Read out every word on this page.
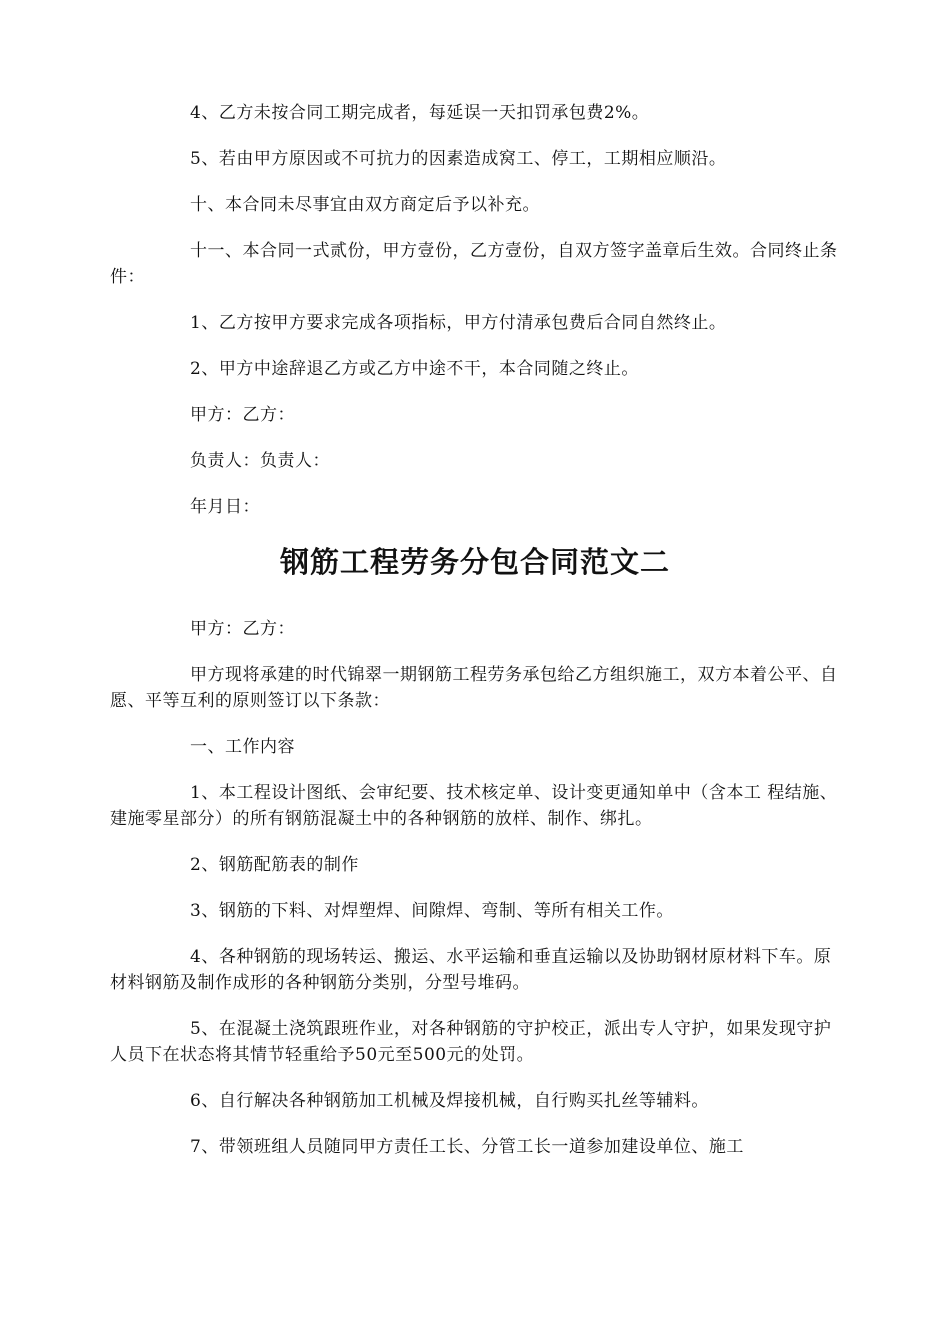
4、乙方未按合同工期完成者，每延误一天扣罚承包费2%。

5、若由甲方原因或不可抗力的因素造成窝工、停工，工期相应顺沿。

十、本合同未尽事宜由双方商定后予以补充。

十一、本合同一式贰份，甲方壹份，乙方壹份，自双方签字盖章后生效。合同终止条件：

1、乙方按甲方要求完成各项指标，甲方付清承包费后合同自然终止。

2、甲方中途辞退乙方或乙方中途不干，本合同随之终止。

甲方：乙方：

负责人：负责人：

年月日：

钢筋工程劳务分包合同范文二

甲方：乙方：

甲方现将承建的时代锦翠一期钢筋工程劳务承包给乙方组织施工，双方本着公平、自愿、平等互利的原则签订以下条款：

一、工作内容

1、本工程设计图纸、会审纪要、技术核定单、设计变更通知单中（含本工 程结施、建施零星部分）的所有钢筋混凝土中的各种钢筋的放样、制作、绑扎。

2、钢筋配筋表的制作

3、钢筋的下料、对焊塑焊、间隙焊、弯制、等所有相关工作。

4、各种钢筋的现场转运、搬运、水平运输和垂直运输以及协助钢材原材料下车。原材料钢筋及制作成形的各种钢筋分类别，分型号堆码。

5、在混凝土浇筑跟班作业，对各种钢筋的守护校正，派出专人守护，如果发现守护人员下在状态将其情节轻重给予50元至500元的处罚。

6、自行解决各种钢筋加工机械及焊接机械，自行购买扎丝等辅料。

7、带领班组人员随同甲方责任工长、分管工长一道参加建设单位、施工
